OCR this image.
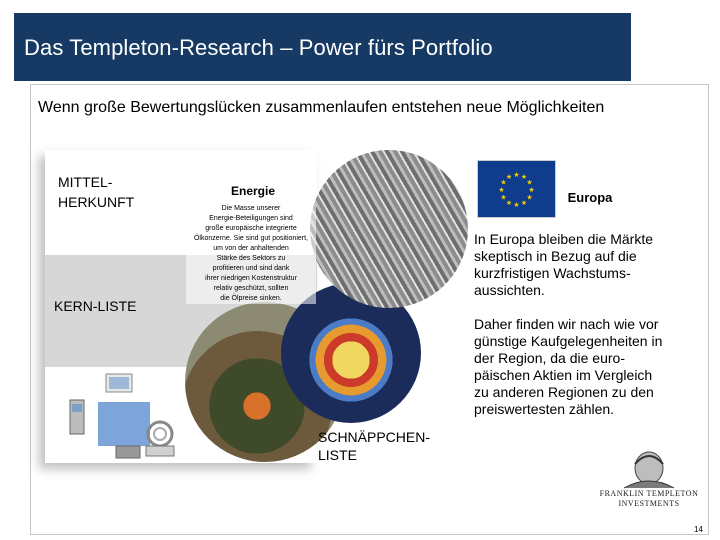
Das Templeton-Research – Power fürs Portfolio
Wenn große Bewertungslücken zusammenlaufen entstehen neue Möglichkeiten
MITTEL-
HERKUNFT
KERN-LISTE
Energie
Die Masse unserer
Energie-Beteiligungen sind
große europäische integrierte
Ölkonzerne. Sie sind gut positioniert,
um von der anhaltenden
Stärke des Sektors zu
profitieren und sind dank
ihrer niedrigen Kostenstruktur
relativ geschützt, sollten
die Ölpreise sinken.
★ ★
★
★
★
★
★
★
★
★
★
★
Europa
In Europa bleiben die Märkte
skeptisch in Bezug auf die
kurzfristigen Wachstums-
aussichten.
Daher finden wir nach wie vor
günstige Kaufgelegenheiten in
der Region, da die euro-
päischen Aktien im Vergleich
zu anderen Regionen zu den
preiswertesten zählen.
SCHNÄPPCHEN-
LISTE
FRANKLIN TEMPLETON
INVESTMENTS
14
